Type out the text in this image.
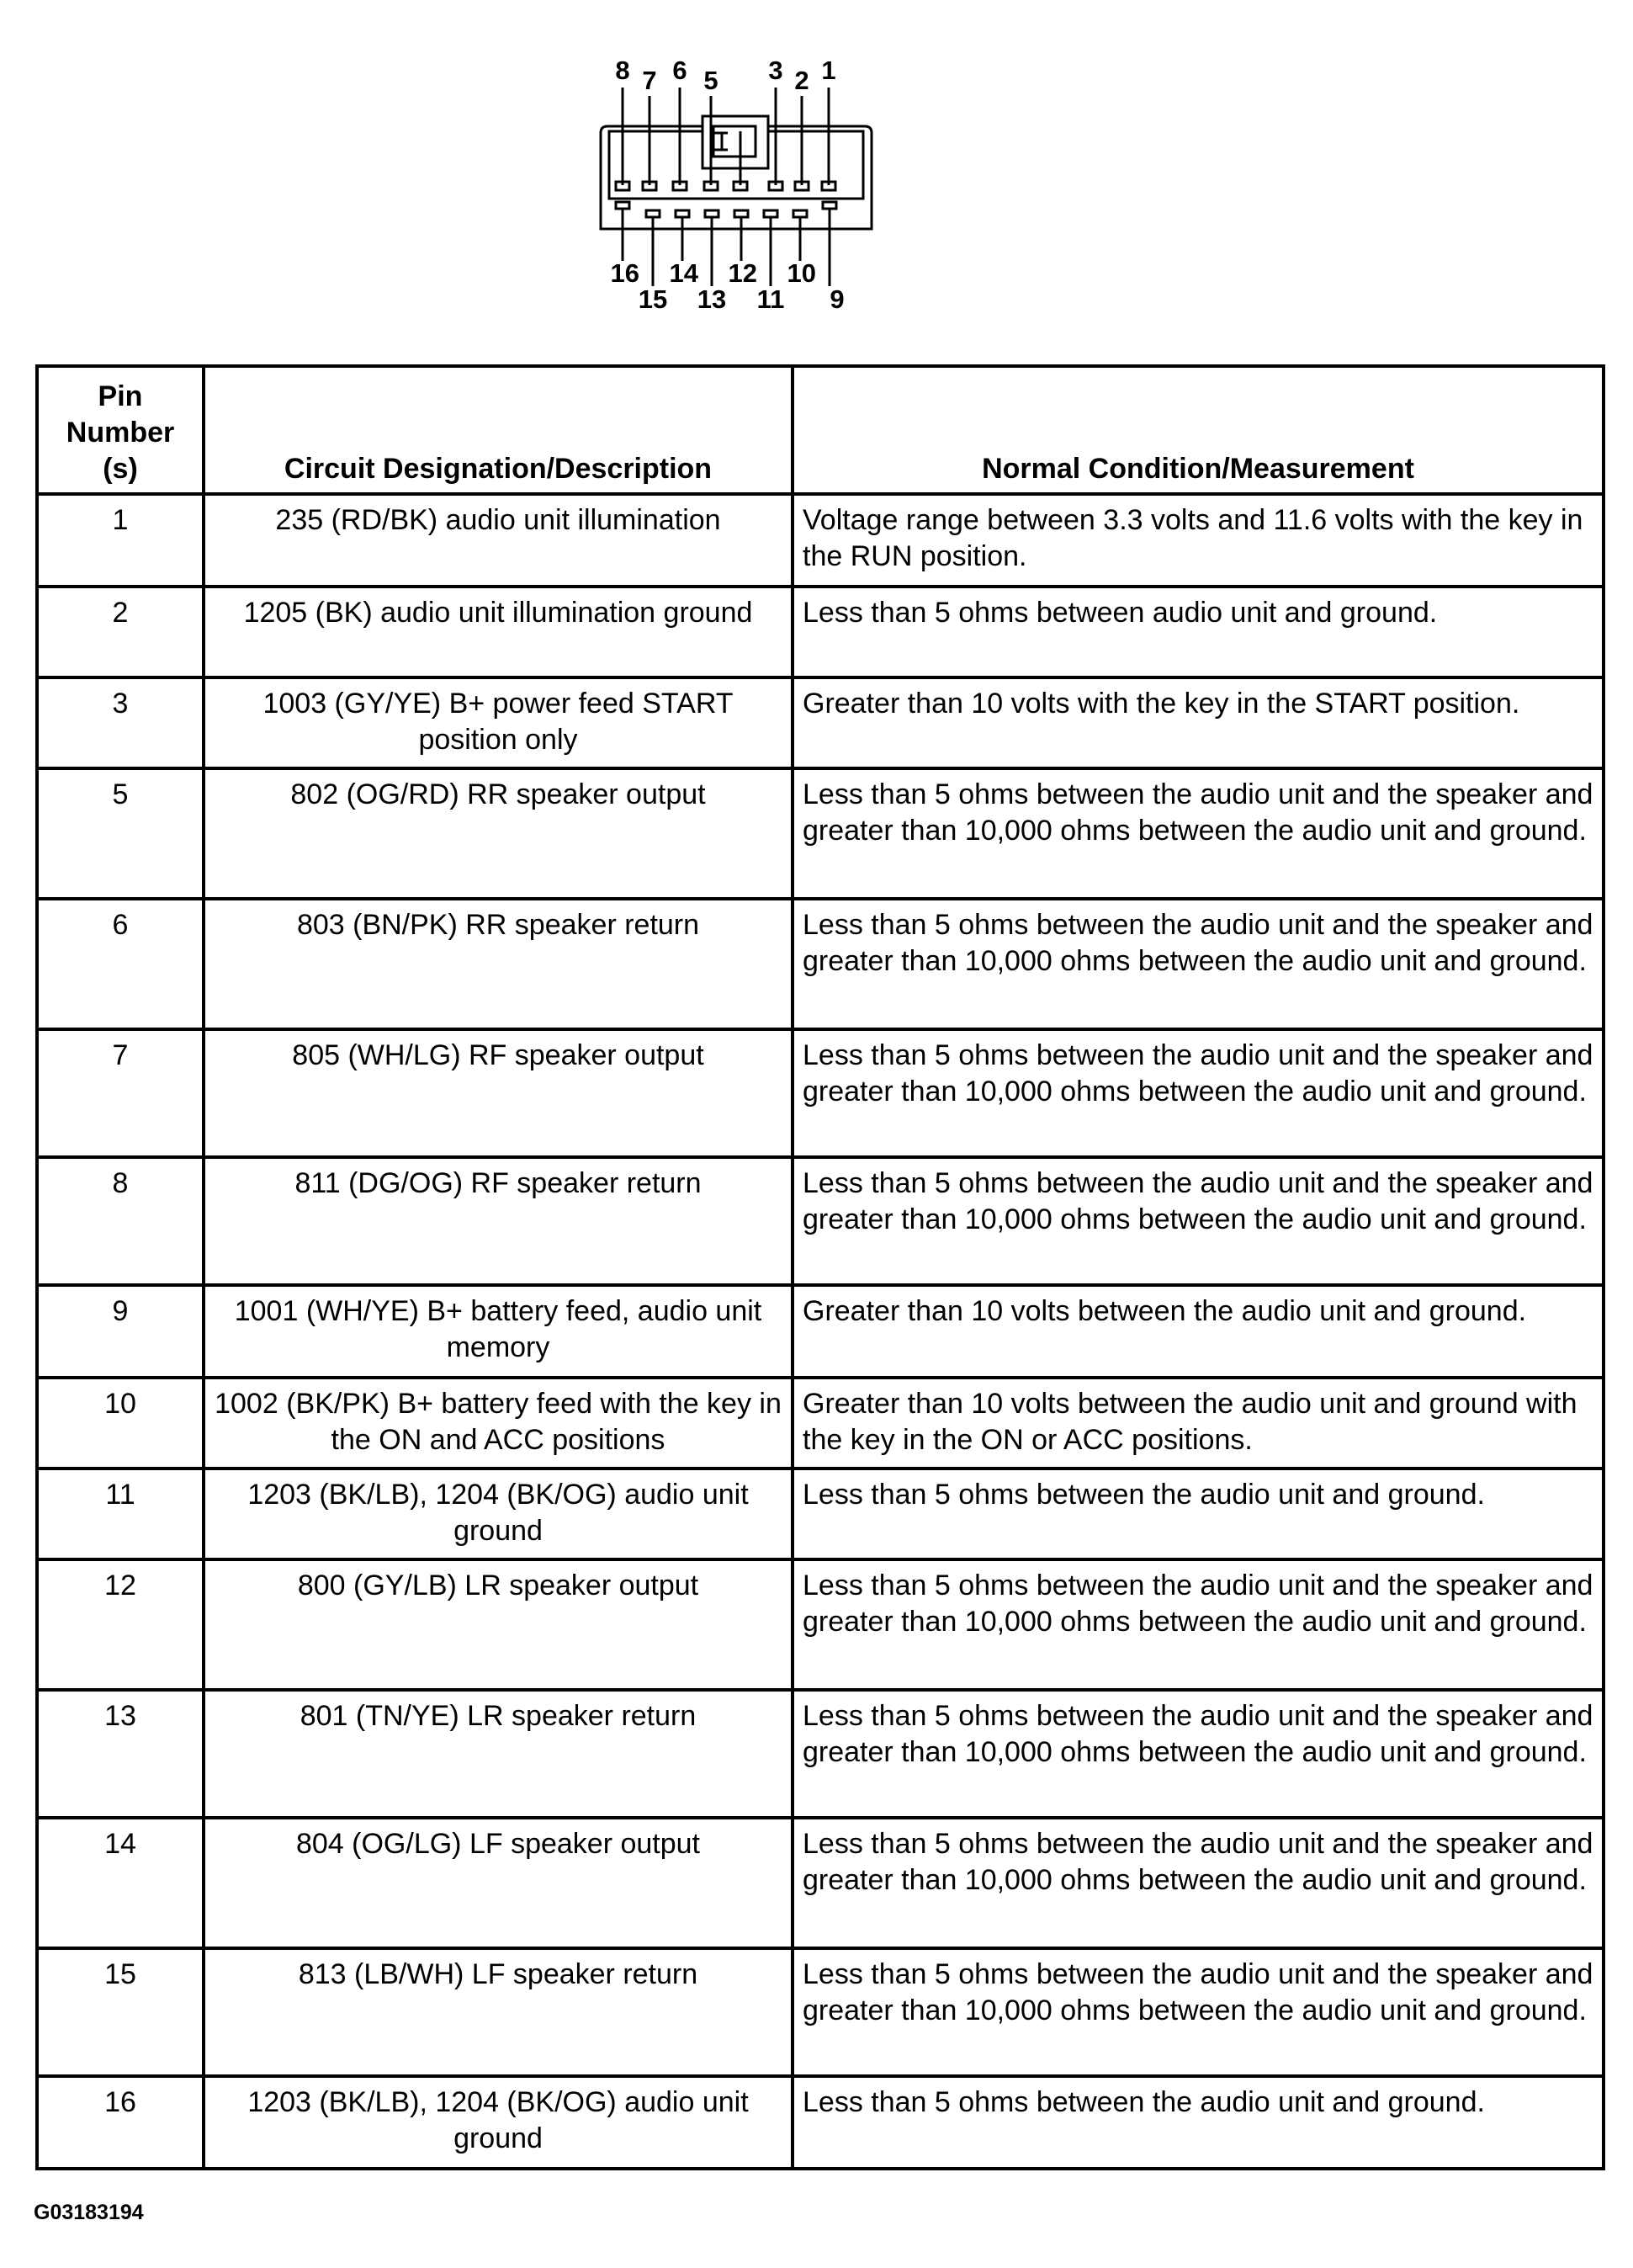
8 7 6 5 3 2 1
16 14 12 10
15 13 11 9
Pin Number (s)	Circuit Designation/Description	Normal Condition/Measurement
1	235 (RD/BK) audio unit illumination	Voltage range between 3.3 volts and 11.6 volts with the key in the RUN position.
2	1205 (BK) audio unit illumination ground	Less than 5 ohms between audio unit and ground.
3	1003 (GY/YE) B+ power feed START position only	Greater than 10 volts with the key in the START position.
5	802 (OG/RD) RR speaker output	Less than 5 ohms between the audio unit and the speaker and greater than 10,000 ohms between the audio unit and ground.
6	803 (BN/PK) RR speaker return	Less than 5 ohms between the audio unit and the speaker and greater than 10,000 ohms between the audio unit and ground.
7	805 (WH/LG) RF speaker output	Less than 5 ohms between the audio unit and the speaker and greater than 10,000 ohms between the audio unit and ground.
8	811 (DG/OG) RF speaker return	Less than 5 ohms between the audio unit and the speaker and greater than 10,000 ohms between the audio unit and ground.
9	1001 (WH/YE) B+ battery feed, audio unit memory	Greater than 10 volts between the audio unit and ground.
10	1002 (BK/PK) B+ battery feed with the key in the ON and ACC positions	Greater than 10 volts between the audio unit and ground with the key in the ON or ACC positions.
11	1203 (BK/LB), 1204 (BK/OG) audio unit ground	Less than 5 ohms between the audio unit and ground.
12	800 (GY/LB) LR speaker output	Less than 5 ohms between the audio unit and the speaker and greater than 10,000 ohms between the audio unit and ground.
13	801 (TN/YE) LR speaker return	Less than 5 ohms between the audio unit and the speaker and greater than 10,000 ohms between the audio unit and ground.
14	804 (OG/LG) LF speaker output	Less than 5 ohms between the audio unit and the speaker and greater than 10,000 ohms between the audio unit and ground.
15	813 (LB/WH) LF speaker return	Less than 5 ohms between the audio unit and the speaker and greater than 10,000 ohms between the audio unit and ground.
16	1203 (BK/LB), 1204 (BK/OG) audio unit ground	Less than 5 ohms between the audio unit and ground.
G03183194
